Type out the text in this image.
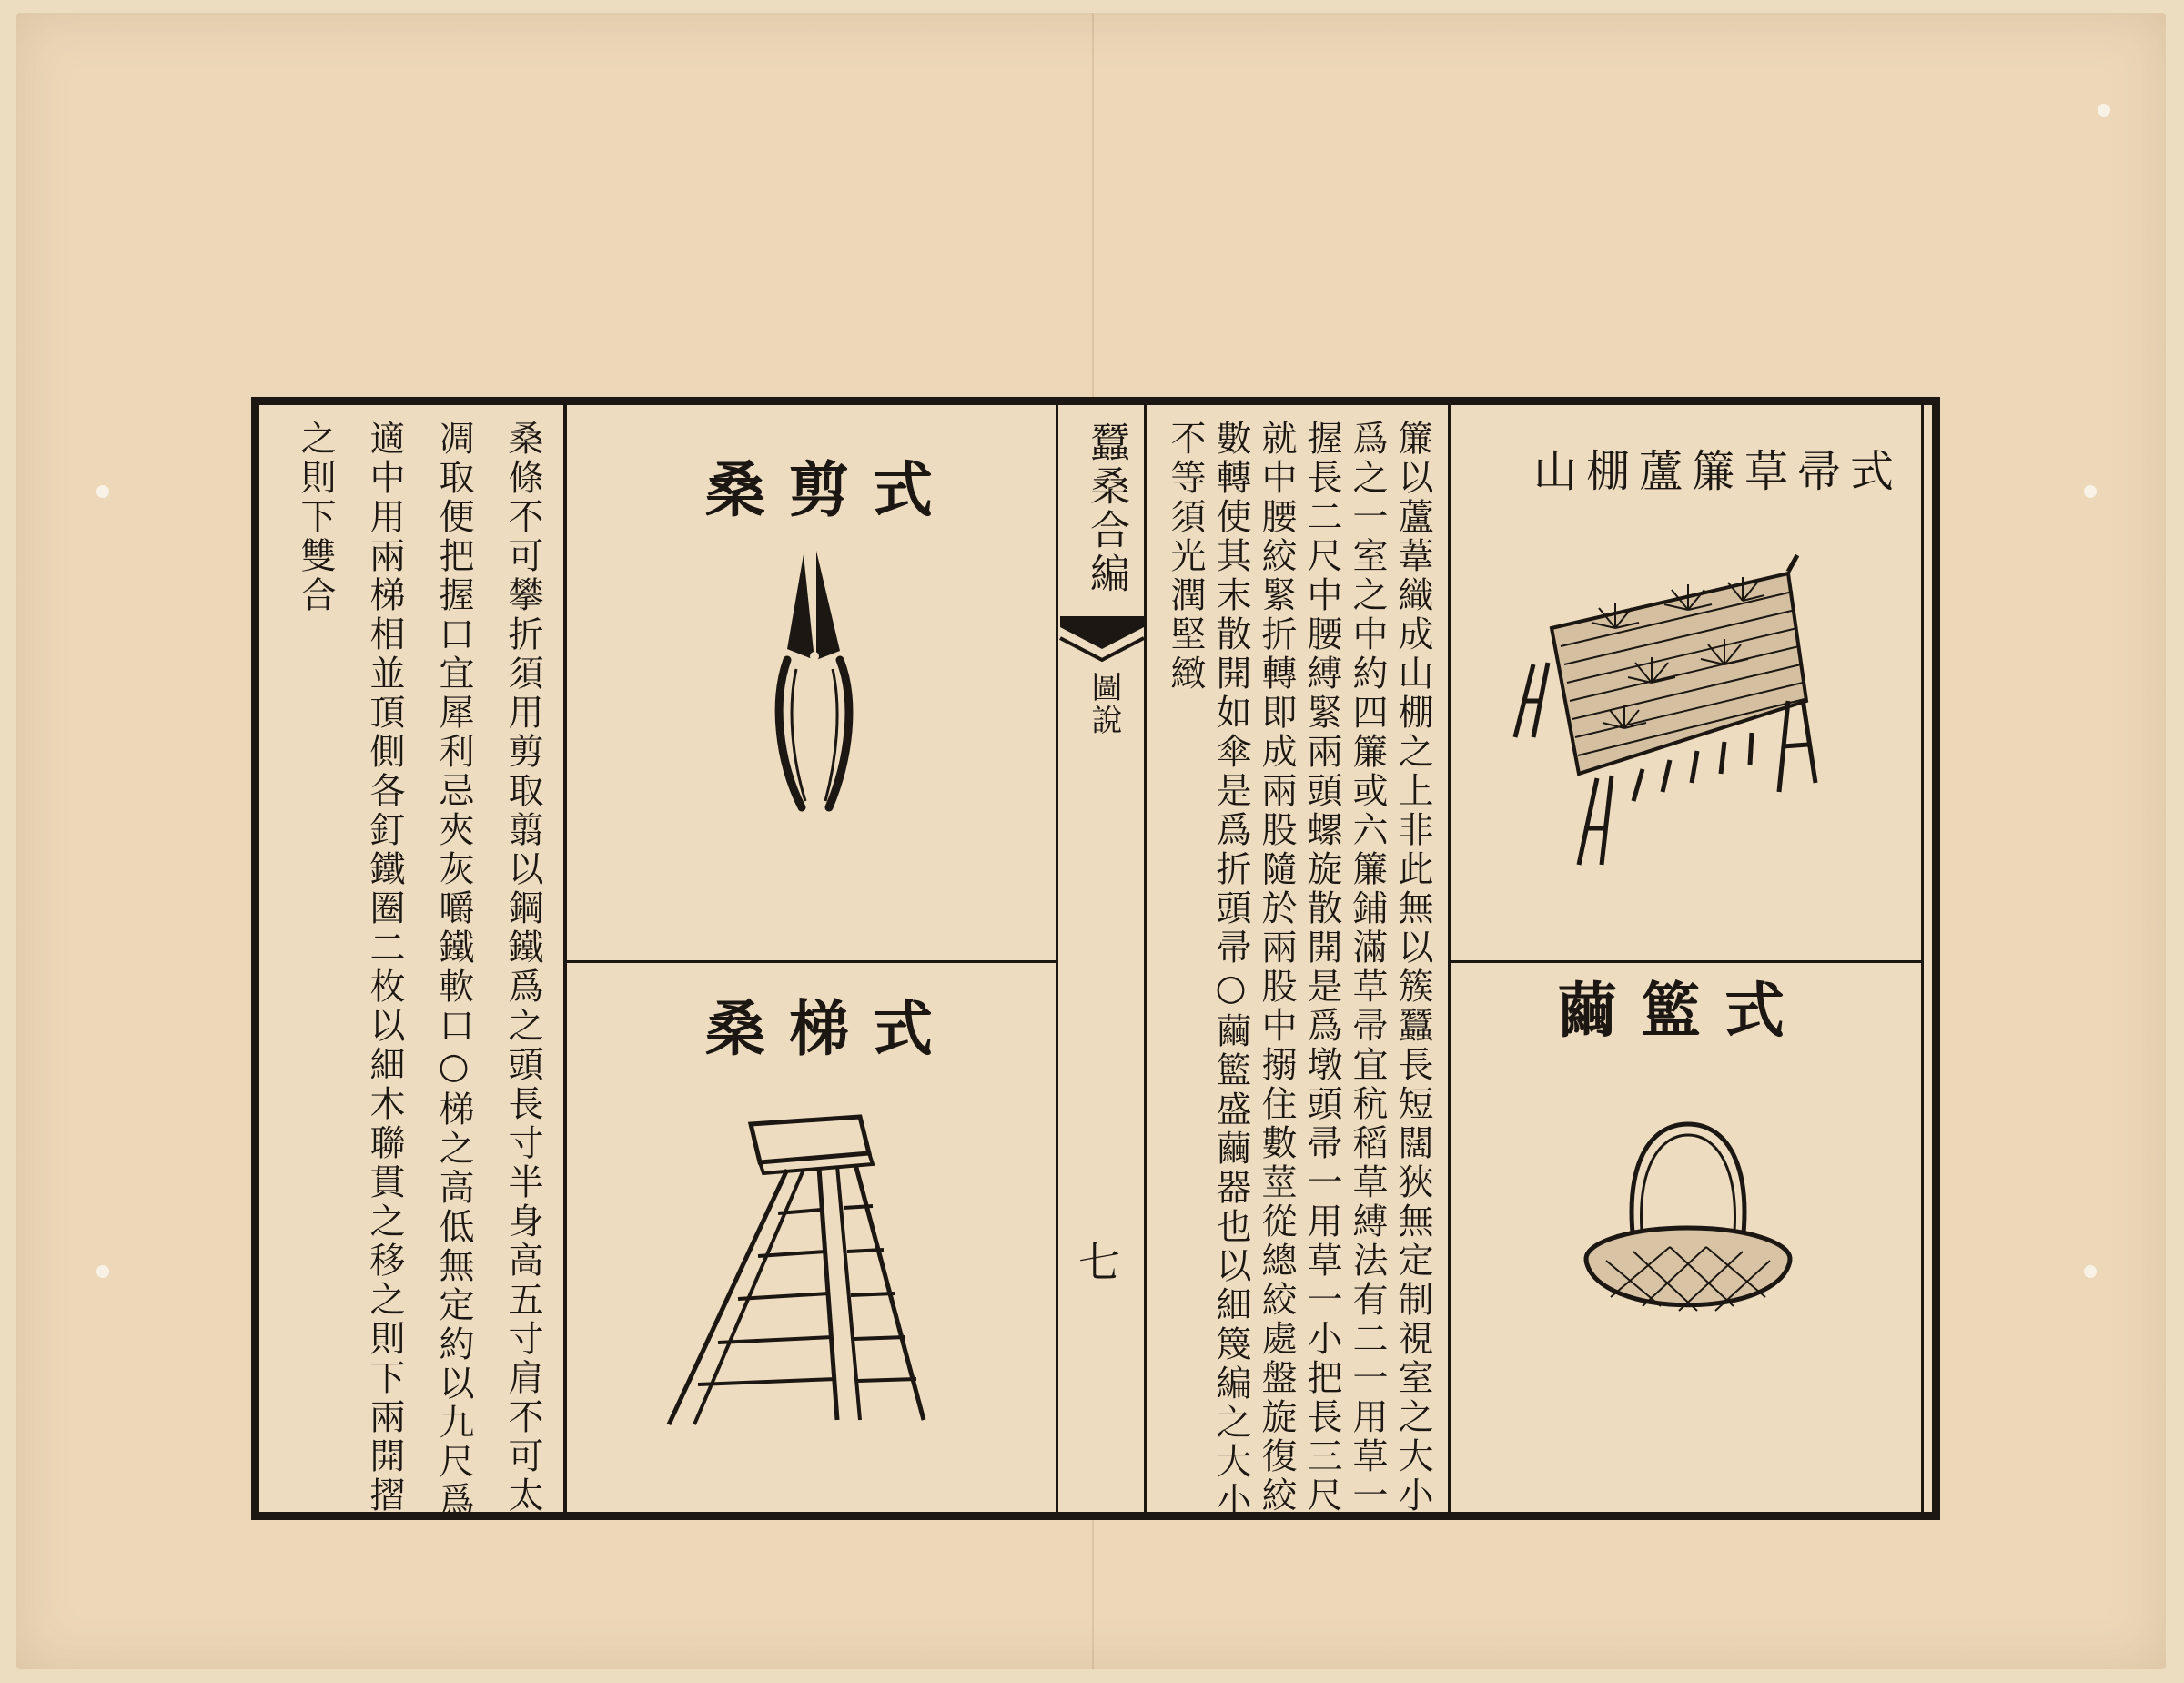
桑條不可攀折須用剪取翦以鋼鐵爲之頭長寸半身高五寸肩不可太
凋取便把握口宜犀利忌夾灰嚼鐵軟口○梯之高低無定約以九尺爲
適中用兩梯相並頂側各釘鐵圈二枚以細木聯貫之移之則下兩開摺
之則下雙合	桑剪式
桑梯式
蠶桑合編
圖說
七	簾以蘆葦織成山棚之上非此無以簇蠶長短闊狹無定制視室之大小
爲之一室之中約四簾或六簾鋪滿草帚宜秔稻草縛法有二一用草一
握長二尺中腰縛緊兩頭螺旋散開是爲墩頭帚一用草一小把長三尺
就中腰絞緊折轉即成兩股隨於兩股中搦住數莖從總絞處盤旋復絞
數轉使其末散開如傘是爲折頭帚○繭籃盛繭器也以細篾編之大小
不等須光潤堅緻	山棚蘆簾草帚式
繭籃式
